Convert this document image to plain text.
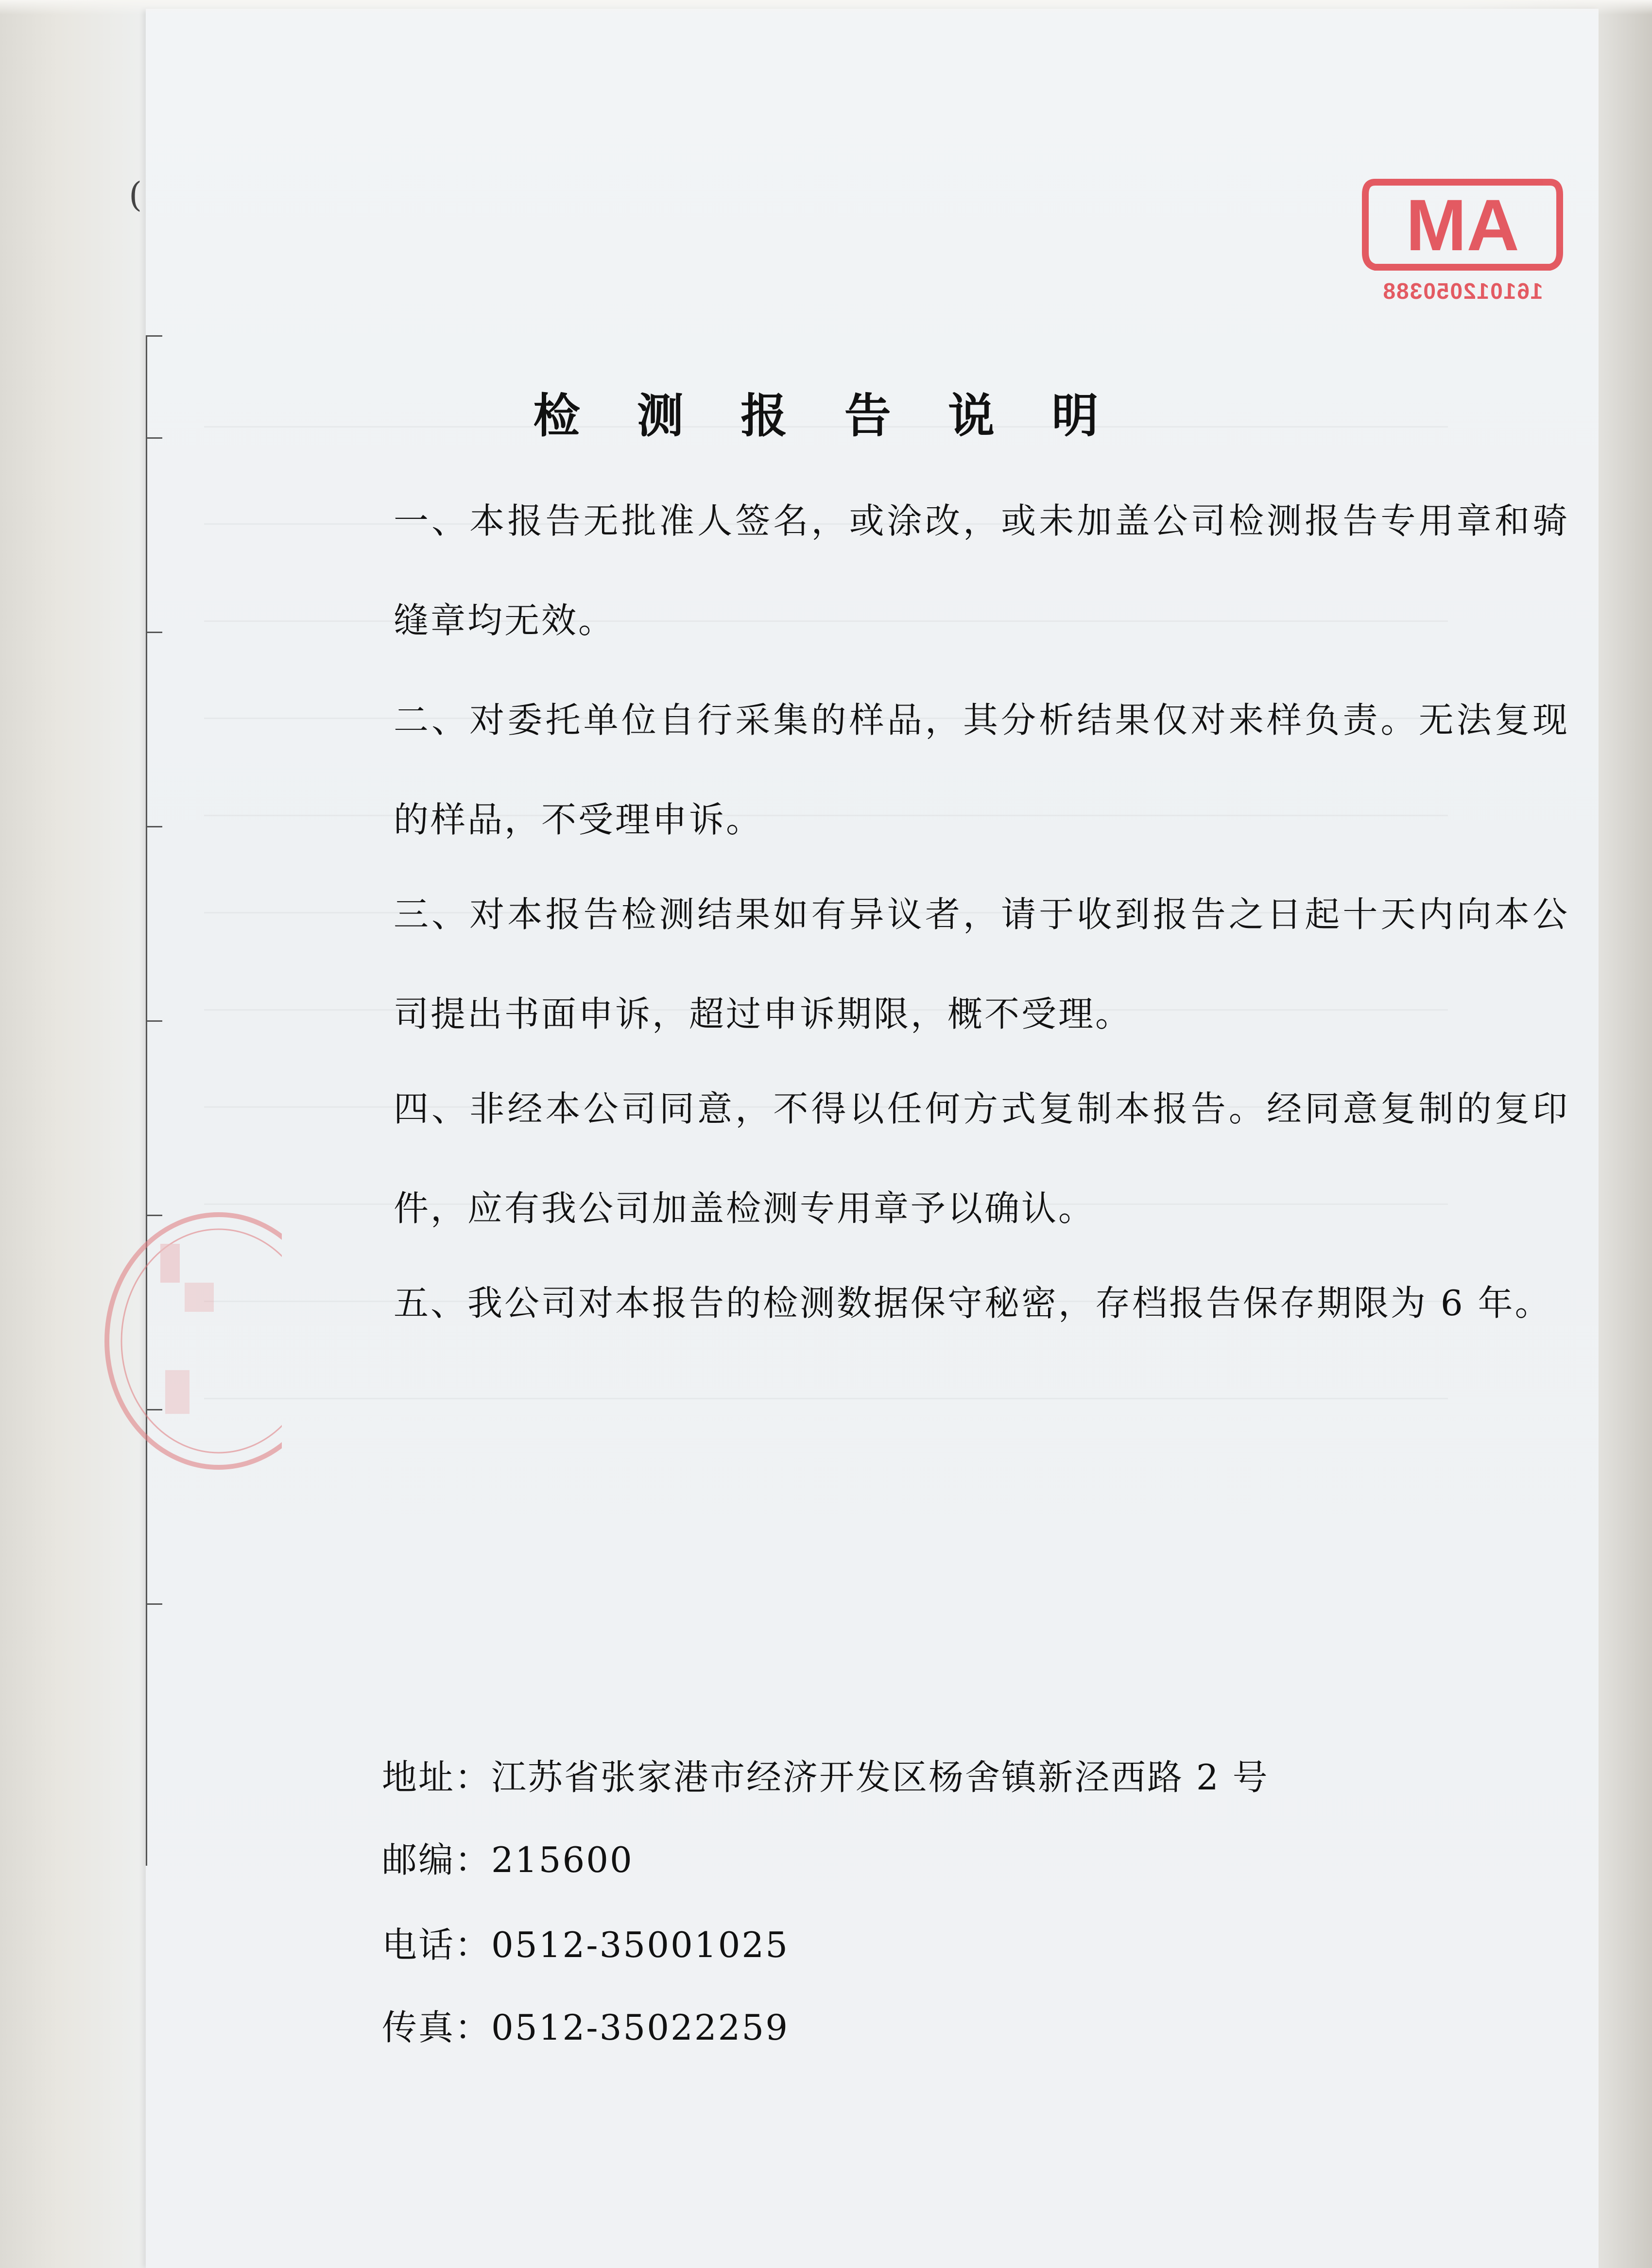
(	AM
161012050388
检 测 报 告 说 明
一、本报告无批准人签名，或涂改，或未加盖公司检测报告专用章和骑缝章均无效。
二、对委托单位自行采集的样品，其分析结果仅对来样负责。无法复现的样品，不受理申诉。
三、对本报告检测结果如有异议者，请于收到报告之日起十天内向本公司提出书面申诉，超过申诉期限，概不受理。
四、非经本公司同意，不得以任何方式复制本报告。经同意复制的复印件，应有我公司加盖检测专用章予以确认。
五、我公司对本报告的检测数据保守秘密，存档报告保存期限为 6 年。
地址：江苏省张家港市经济开发区杨舍镇新泾西路 2 号
邮编：215600
电话：0512-35001025
传真：0512-35022259
